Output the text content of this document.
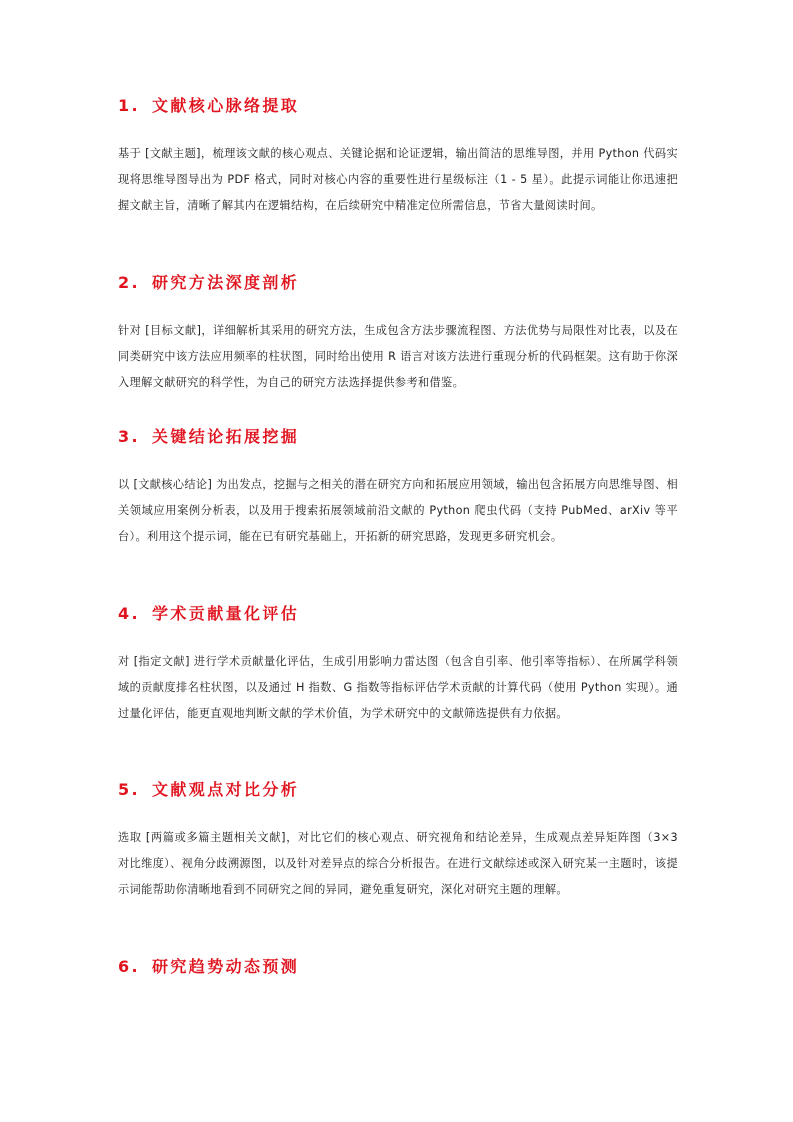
1. 文献核心脉络提取

基于 [文献主题]，梳理该文献的核心观点、关键论据和论证逻辑，输出简洁的思维导图，并用 Python 代码实现将思维导图导出为 PDF 格式，同时对核心内容的重要性进行星级标注（1 - 5 星）。此提示词能让你迅速把握文献主旨，清晰了解其内在逻辑结构，在后续研究中精准定位所需信息，节省大量阅读时间。

2. 研究方法深度剖析

针对 [目标文献]，详细解析其采用的研究方法，生成包含方法步骤流程图、方法优势与局限性对比表，以及在同类研究中该方法应用频率的柱状图，同时给出使用 R 语言对该方法进行重现分析的代码框架。这有助于你深入理解文献研究的科学性，为自己的研究方法选择提供参考和借鉴。

3. 关键结论拓展挖掘

以 [文献核心结论] 为出发点，挖掘与之相关的潜在研究方向和拓展应用领域，输出包含拓展方向思维导图、相关领域应用案例分析表，以及用于搜索拓展领域前沿文献的 Python 爬虫代码（支持 PubMed、arXiv 等平台）。利用这个提示词，能在已有研究基础上，开拓新的研究思路，发现更多研究机会。

4. 学术贡献量化评估

对 [指定文献] 进行学术贡献量化评估，生成引用影响力雷达图（包含自引率、他引率等指标）、在所属学科领域的贡献度排名柱状图，以及通过 H 指数、G 指数等指标评估学术贡献的计算代码（使用 Python 实现）。通过量化评估，能更直观地判断文献的学术价值，为学术研究中的文献筛选提供有力依据。

5. 文献观点对比分析

选取 [两篇或多篇主题相关文献]，对比它们的核心观点、研究视角和结论差异，生成观点差异矩阵图（3×3 对比维度）、视角分歧溯源图，以及针对差异点的综合分析报告。在进行文献综述或深入研究某一主题时，该提示词能帮助你清晰地看到不同研究之间的异同，避免重复研究，深化对研究主题的理解。

6. 研究趋势动态预测
